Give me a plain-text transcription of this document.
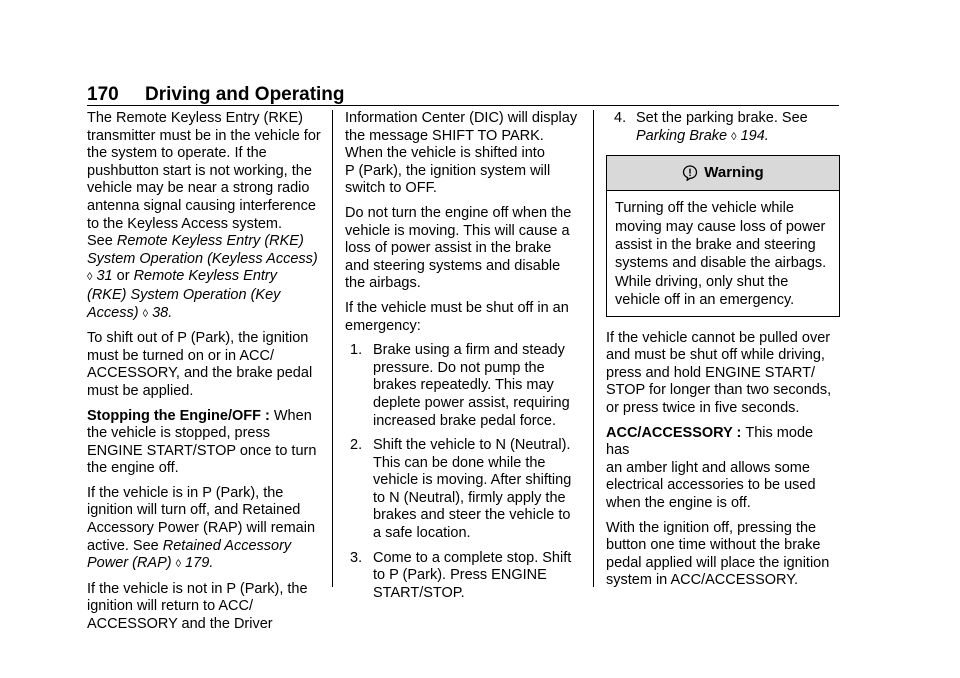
170 Driving and Operating

The Remote Keyless Entry (RKE)
transmitter must be in the vehicle for
the system to operate. If the
pushbutton start is not working, the
vehicle may be near a strong radio
antenna signal causing interference
to the Keyless Access system.
See Remote Keyless Entry (RKE)
System Operation (Keyless Access)
◊ 31 or Remote Keyless Entry
(RKE) System Operation (Key
Access) ◊ 38.

To shift out of P (Park), the ignition
must be turned on or in ACC/
ACCESSORY, and the brake pedal
must be applied.

Stopping the Engine/OFF : When
the vehicle is stopped, press
ENGINE START/STOP once to turn
the engine off.

If the vehicle is in P (Park), the
ignition will turn off, and Retained
Accessory Power (RAP) will remain
active. See Retained Accessory
Power (RAP) ◊ 179.

If the vehicle is not in P (Park), the
ignition will return to ACC/
ACCESSORY and the Driver

Information Center (DIC) will display
the message SHIFT TO PARK.
When the vehicle is shifted into
P (Park), the ignition system will
switch to OFF.

Do not turn the engine off when the
vehicle is moving. This will cause a
loss of power assist in the brake
and steering systems and disable
the airbags.

If the vehicle must be shut off in an
emergency:

1. Brake using a firm and steady
pressure. Do not pump the
brakes repeatedly. This may
deplete power assist, requiring
increased brake pedal force.
2. Shift the vehicle to N (Neutral).
This can be done while the
vehicle is moving. After shifting
to N (Neutral), firmly apply the
brakes and steer the vehicle to
a safe location.
3. Come to a complete stop. Shift
to P (Park). Press ENGINE
START/STOP.
4. Set the parking brake. See
Parking Brake ◊ 194.
Warning
Turning off the vehicle while
moving may cause loss of power
assist in the brake and steering
systems and disable the airbags.
While driving, only shut the
vehicle off in an emergency.

If the vehicle cannot be pulled over
and must be shut off while driving,
press and hold ENGINE START/
STOP for longer than two seconds,
or press twice in five seconds.

ACC/ACCESSORY : This mode has
an amber light and allows some
electrical accessories to be used
when the engine is off.

With the ignition off, pressing the
button one time without the brake
pedal applied will place the ignition
system in ACC/ACCESSORY.
